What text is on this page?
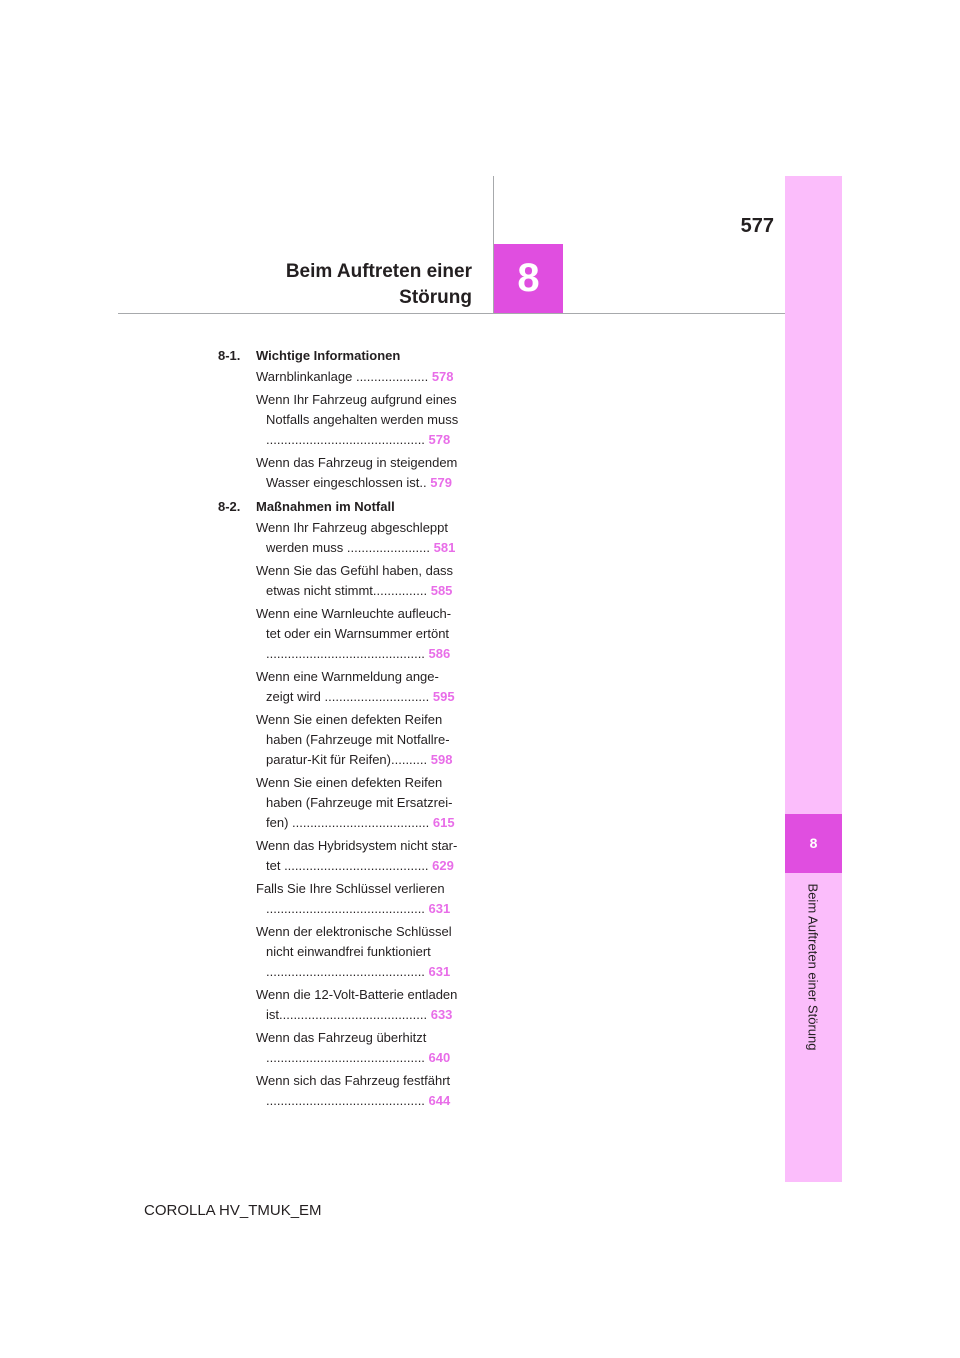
577
Beim Auftreten einer
Störung	8
8
Beim Auftreten einer Störung
8-1. Wichtige Informationen
Warnblinkanlage .................... 578
Wenn Ihr Fahrzeug aufgrund eines
Notfalls angehalten werden muss
............................................ 578
Wenn das Fahrzeug in steigendem
Wasser eingeschlossen ist.. 579
8-2. Maßnahmen im Notfall
Wenn Ihr Fahrzeug abgeschleppt
werden muss ....................... 581
Wenn Sie das Gefühl haben, dass
etwas nicht stimmt............... 585
Wenn eine Warnleuchte aufleuch-
tet oder ein Warnsummer ertönt
............................................ 586
Wenn eine Warnmeldung ange-
zeigt wird ............................. 595
Wenn Sie einen defekten Reifen
haben (Fahrzeuge mit Notfallre-
paratur-Kit für Reifen).......... 598
Wenn Sie einen defekten Reifen
haben (Fahrzeuge mit Ersatzrei-
fen) ...................................... 615
Wenn das Hybridsystem nicht star-
tet ........................................ 629
Falls Sie Ihre Schlüssel verlieren
............................................ 631
Wenn der elektronische Schlüssel
nicht einwandfrei funktioniert
............................................ 631
Wenn die 12-Volt-Batterie entladen
ist......................................... 633
Wenn das Fahrzeug überhitzt
............................................ 640
Wenn sich das Fahrzeug festfährt
............................................ 644
COROLLA HV_TMUK_EM
